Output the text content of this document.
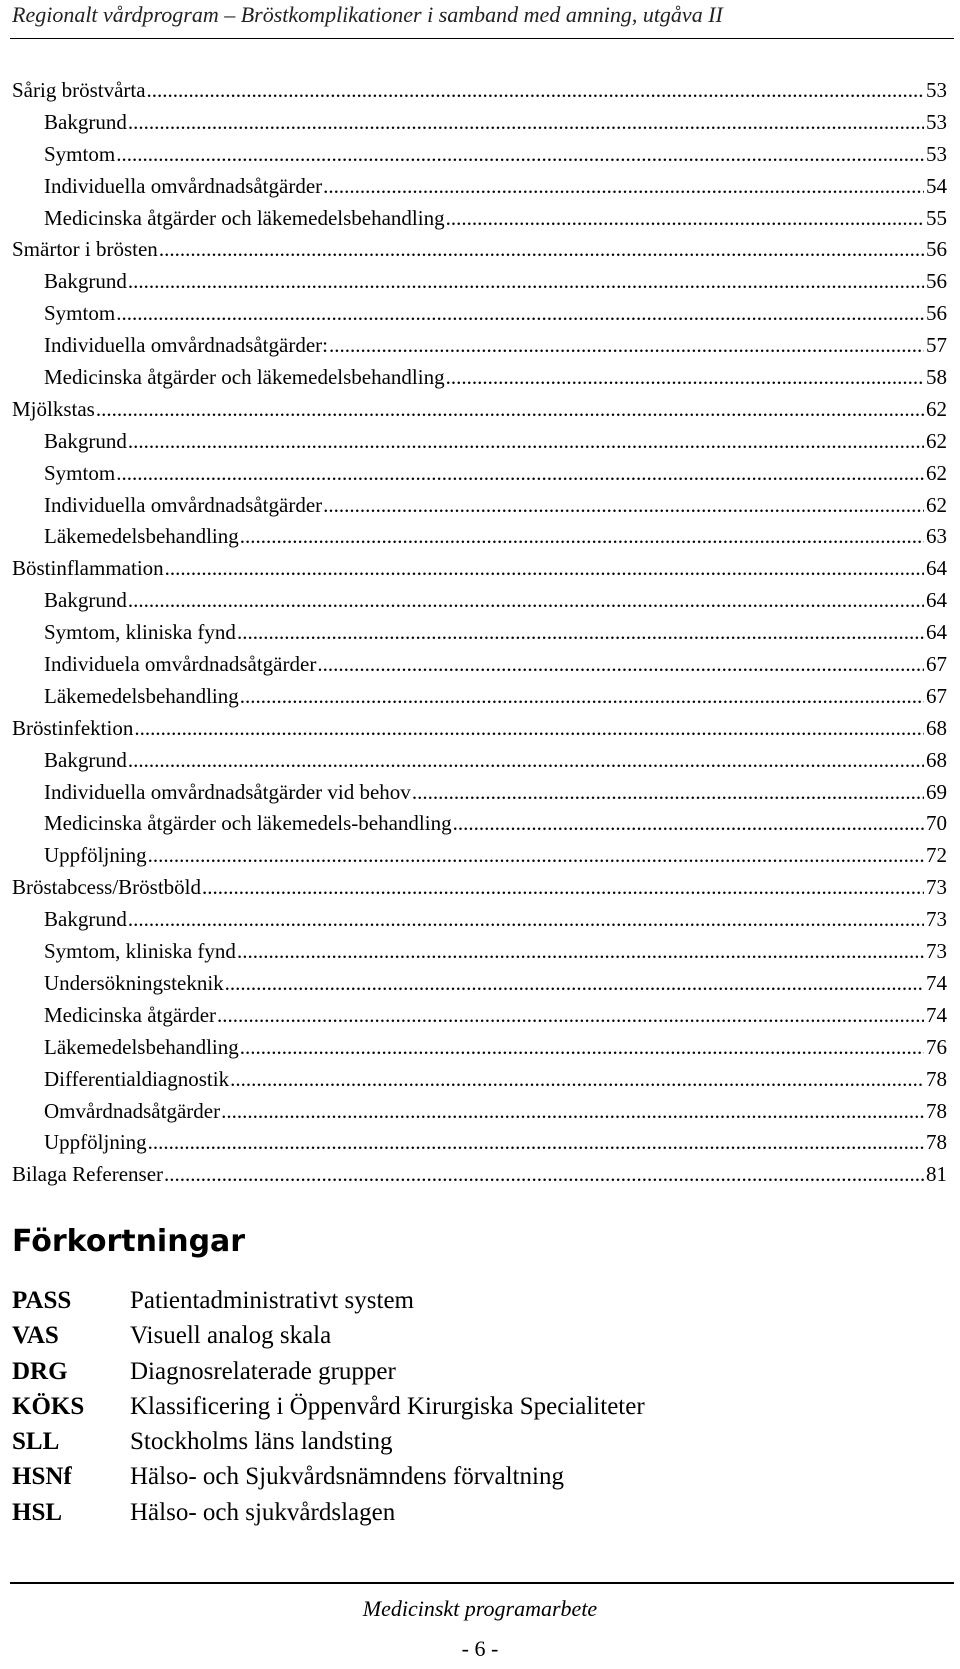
Regionalt vårdprogram – Bröstkomplikationer i samband med amning, utgåva II
Sårig bröstvårta .....	53
Bakgrund .....	53
Symtom .....	53
Individuella omvårdnadsåtgärder .....	54
Medicinska åtgärder och läkemedelsbehandling .....	55
Smärtor i brösten .....	56
Bakgrund .....	56
Symtom .....	56
Individuella omvårdnadsåtgärder: .....	57
Medicinska åtgärder och läkemedelsbehandling .....	58
Mjölkstas .....	62
Bakgrund .....	62
Symtom .....	62
Individuella omvårdnadsåtgärder .....	62
Läkemedelsbehandling .....	63
Böstinflammation .....	64
Bakgrund .....	64
Symtom, kliniska fynd .....	64
Individuela omvårdnadsåtgärder .....	67
Läkemedelsbehandling .....	67
Bröstinfektion .....	68
Bakgrund .....	68
Individuella omvårdnadsåtgärder vid behov .....	69
Medicinska åtgärder och läkemedels-behandling .....	70
Uppföljning .....	72
Bröstabcess/Bröstböld .....	73
Bakgrund .....	73
Symtom, kliniska fynd .....	73
Undersökningsteknik .....	74
Medicinska åtgärder .....	74
Läkemedelsbehandling .....	76
Differentialdiagnostik .....	78
Omvårdnadsåtgärder .....	78
Uppföljning .....	78
Bilaga Referenser .....	81
Förkortningar
PASS	Patientadministrativt system
VAS	Visuell analog skala
DRG	Diagnosrelaterade grupper
KÖKS	Klassificering i Öppenvård Kirurgiska Specialiteter
SLL	Stockholms läns landsting
HSNf	Hälso- och Sjukvårdsnämndens förvaltning
HSL	Hälso- och sjukvårdslagen
Medicinskt programarbete
- 6 -
